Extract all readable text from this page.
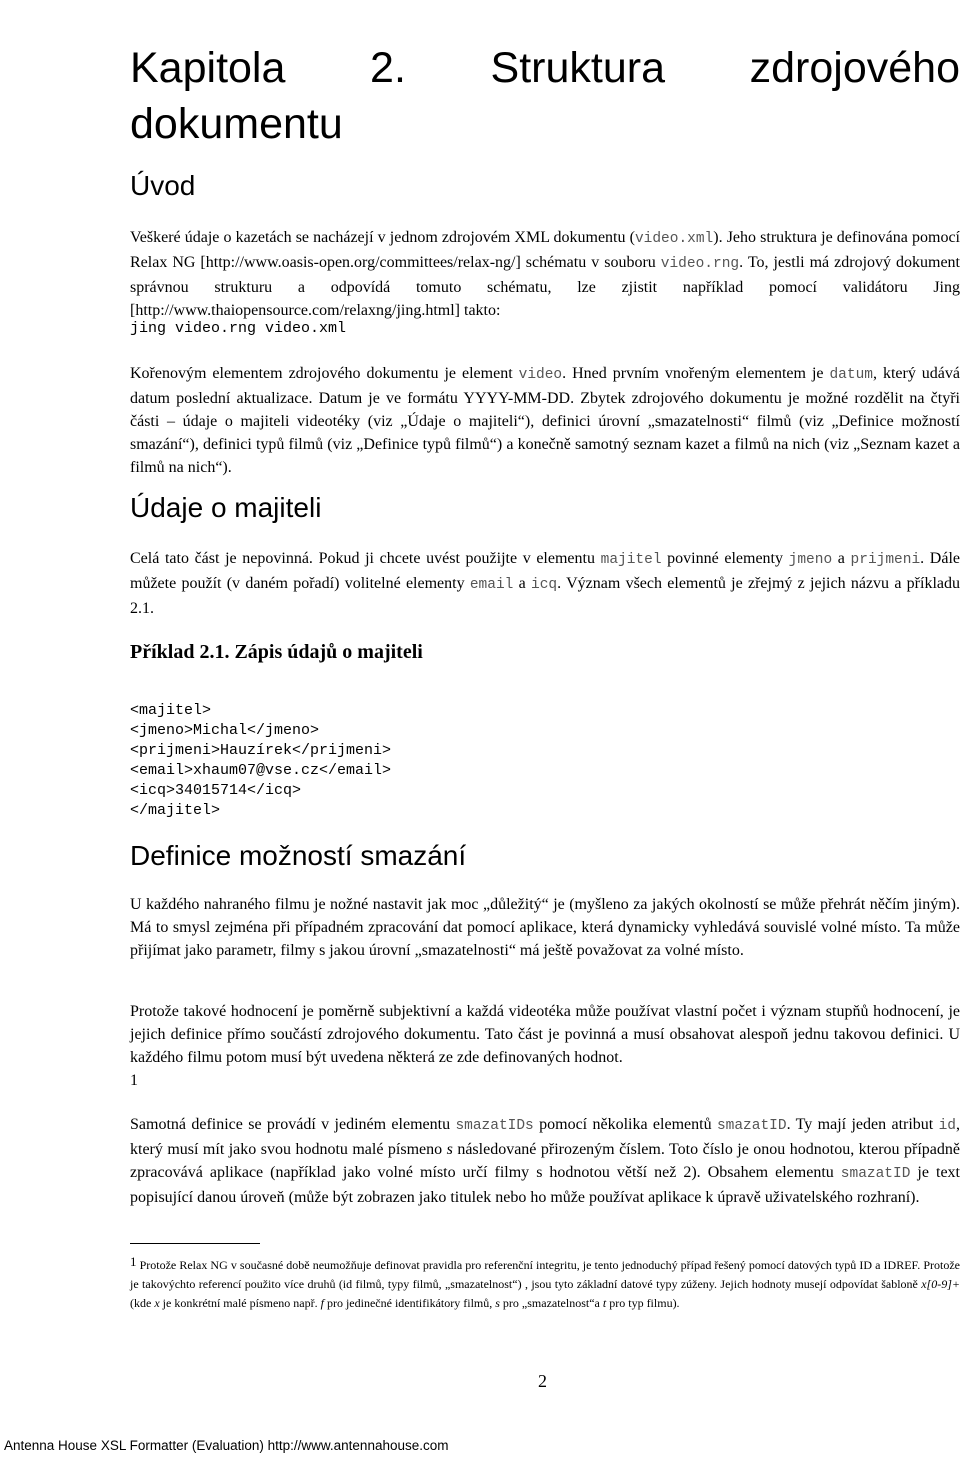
Kapitola 2. Struktura zdrojového
dokumentu
Úvod

Veškeré údaje o kazetách se nacházejí v jednom zdrojovém XML dokumentu (video.xml). Jeho struktura je definována pomocí Relax NG [http://www.oasis-open.org/committees/relax-ng/] schématu v souboru video.rng. To, jestli má zdrojový dokument správnou strukturu a odpovídá tomuto schématu, lze zjistit například pomocí validátoru Jing [http://www.thaiopensource.com/relaxng/jing.html] takto:

jing video.rng video.xml

Kořenovým elementem zdrojového dokumentu je element video. Hned prvním vnořeným elementem je datum, který udává datum poslední aktualizace. Datum je ve formátu YYYY-MM-DD. Zbytek zdrojového dokumentu je možné rozdělit na čtyři části – údaje o majiteli videotéky (viz „Údaje o majiteli“), definici úrovní „smazatelnosti“ filmů (viz „Definice možností smazání“), definici typů filmů (viz „Definice typů filmů“) a konečně samotný seznam kazet a filmů na nich (viz „Seznam kazet a filmů na nich“).

Údaje o majiteli

Celá tato část je nepovinná. Pokud ji chcete uvést použijte v elementu majitel povinné elementy jmeno a prijmeni. Dále můžete použít (v daném pořadí) volitelné elementy email a icq. Význam všech elementů je zřejmý z jejich názvu a příkladu 2.1.

Příklad 2.1. Zápis údajů o majiteli
<majitel>
<jmeno>Michal</jmeno>
<prijmeni>Hauzírek</prijmeni>
<email>xhaum07@vse.cz</email>
<icq>34015714</icq>
</majitel>
Definice možností smazání

U každého nahraného filmu je nožné nastavit jak moc „důležitý“ je (myšleno za jakých okolností se může přehrát něčím jiným). Má to smysl zejména při případném zpracování dat pomocí aplikace, která dynamicky vyhledává souvislé volné místo. Ta může přijímat jako parametr, filmy s jakou úrovní „smazatelnosti“ má ještě považovat za volné místo.

Protože takové hodnocení je poměrně subjektivní a každá videotéka může používat vlastní počet i význam stupňů hodnocení, je jejich definice přímo součástí zdrojového dokumentu. Tato část je povinná a musí obsahovat alespoň jednu takovou definici. U každého filmu potom musí být uvedena některá ze zde definovaných hodnot.
1

Samotná definice se provádí v jediném elementu smazatIDs pomocí několika elementů smazatID. Ty mají jeden atribut id, který musí mít jako svou hodnotu malé písmeno s následované přirozeným číslem. Toto číslo je onou hodnotou, kterou případně zpracovává aplikace (například jako volné místo určí filmy s hodnotou větší než 2). Obsahem elementu smazatID je text popisující danou úroveň (může být zobrazen jako titulek nebo ho může používat aplikace k úpravě uživatelského rozhraní).

$^1$ Protože Relax NG v současné době neumožňuje definovat pravidla pro referenční integritu, je tento jednoduchý případ řešený pomocí datových typů ID a IDREF. Protože je takovýchto referencí použito více druhů (id filmů, typy filmů, „smazatelnost“) , jsou tyto základní datové typy zúženy. Jejich hodnoty musejí odpovídat šabloně x[0-9]+ (kde x je konkrétní malé písmeno např. f pro jedinečné identifikátory filmů, s pro „smazatelnost“a t pro typ filmu).

2
Antenna House XSL Formatter (Evaluation) http://www.antennahouse.com
